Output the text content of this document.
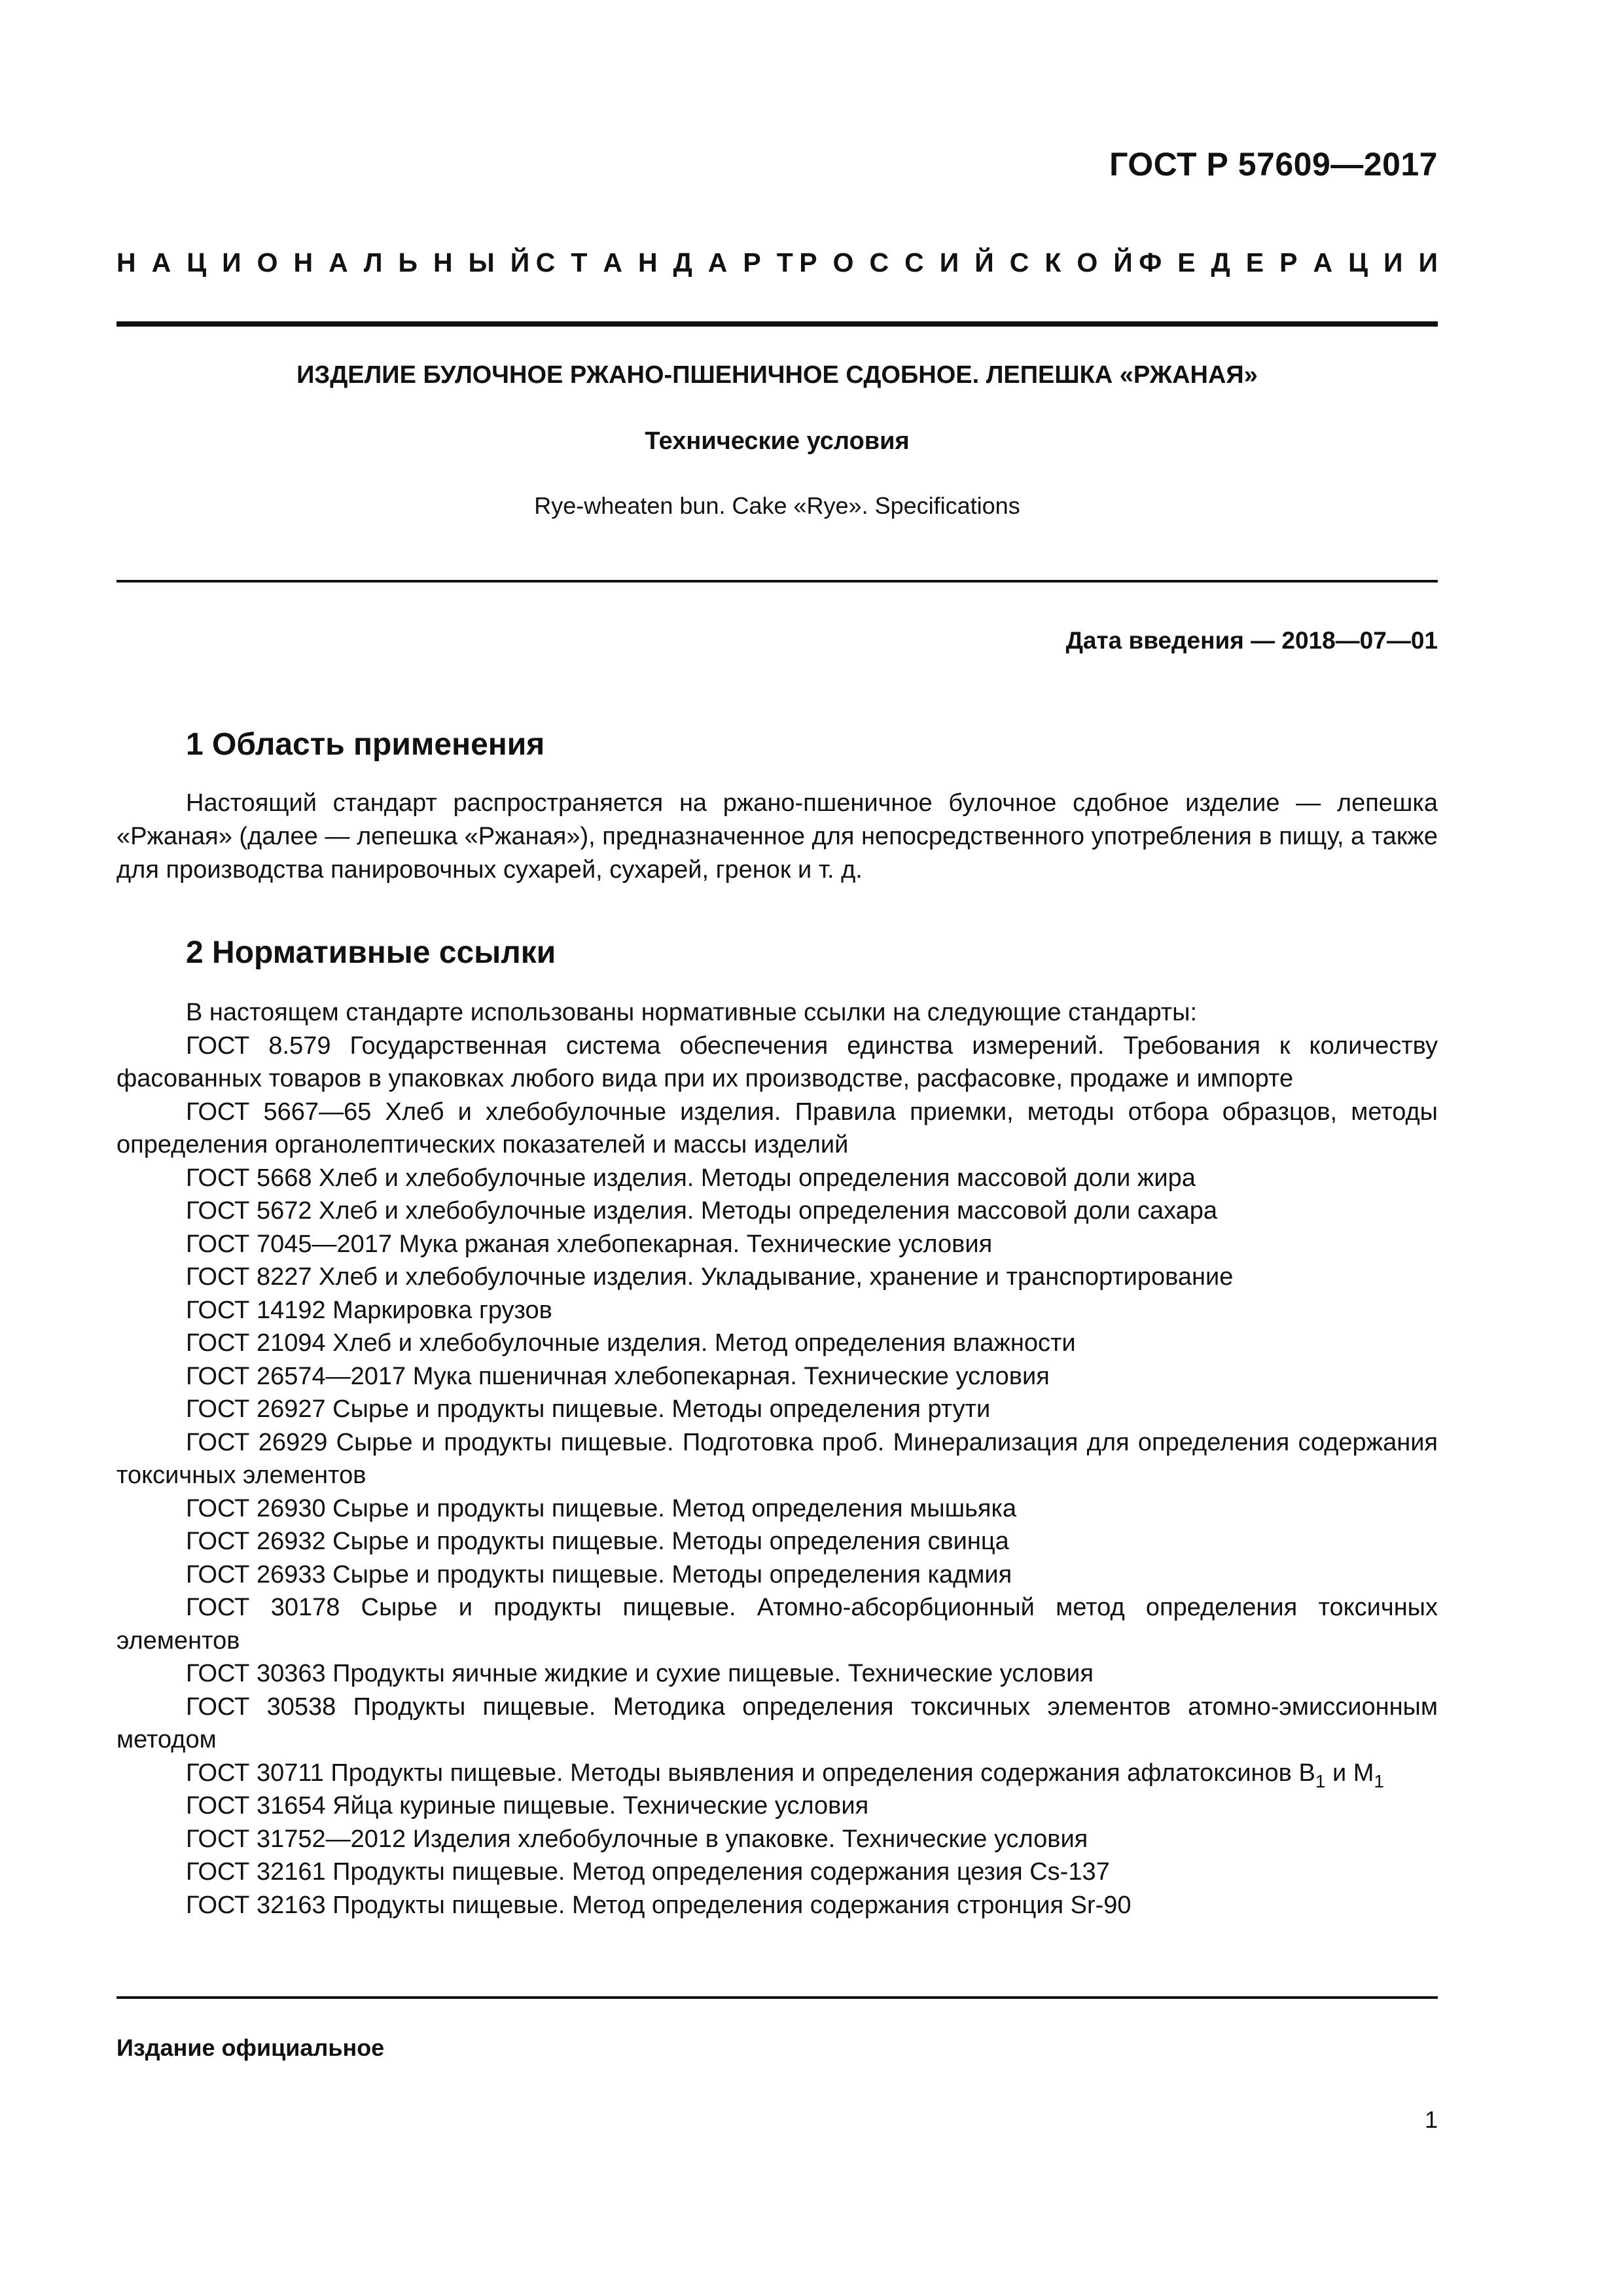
ГОСТ Р 57609—2017
Н А Ц И О Н А Л Ь Н Ы Й С Т А Н Д А Р Т Р О С С И Й С К О Й Ф Е Д Е Р А Ц И И
ИЗДЕЛИЕ БУЛОЧНОЕ РЖАНО-ПШЕНИЧНОЕ СДОБНОЕ. ЛЕПЕШКА «РЖАНАЯ»
Технические условия
Rye-wheaten bun. Cake «Rye». Specifications
Дата введения — 2018—07—01
1 Область применения
Настоящий стандарт распространяется на ржано-пшеничное булочное сдобное изделие — лепешка «Ржаная» (далее — лепешка «Ржаная»), предназначенное для непосредственного употребления в пищу, а также для производства панировочных сухарей, сухарей, гренок и т. д.
2 Нормативные ссылки
В настоящем стандарте использованы нормативные ссылки на следующие стандарты:
ГОСТ 8.579 Государственная система обеспечения единства измерений. Требования к количеству фасованных товаров в упаковках любого вида при их производстве, расфасовке, продаже и импорте
ГОСТ 5667—65 Хлеб и хлебобулочные изделия. Правила приемки, методы отбора образцов, методы определения органолептических показателей и массы изделий
ГОСТ 5668 Хлеб и хлебобулочные изделия. Методы определения массовой доли жира
ГОСТ 5672 Хлеб и хлебобулочные изделия. Методы определения массовой доли сахара
ГОСТ 7045—2017 Мука ржаная хлебопекарная. Технические условия
ГОСТ 8227 Хлеб и хлебобулочные изделия. Укладывание, хранение и транспортирование
ГОСТ 14192 Маркировка грузов
ГОСТ 21094 Хлеб и хлебобулочные изделия. Метод определения влажности
ГОСТ 26574—2017 Мука пшеничная хлебопекарная. Технические условия
ГОСТ 26927 Сырье и продукты пищевые. Методы определения ртути
ГОСТ 26929 Сырье и продукты пищевые. Подготовка проб. Минерализация для определения содержания токсичных элементов
ГОСТ 26930 Сырье и продукты пищевые. Метод определения мышьяка
ГОСТ 26932 Сырье и продукты пищевые. Методы определения свинца
ГОСТ 26933 Сырье и продукты пищевые. Методы определения кадмия
ГОСТ 30178 Сырье и продукты пищевые. Атомно-абсорбционный метод определения токсичных элементов
ГОСТ 30363 Продукты яичные жидкие и сухие пищевые. Технические условия
ГОСТ 30538 Продукты пищевые. Методика определения токсичных элементов атомно-эмиссионным методом
ГОСТ 30711 Продукты пищевые. Методы выявления и определения содержания афлатоксинов $B_1$ и $M_1$
ГОСТ 31654 Яйца куриные пищевые. Технические условия
ГОСТ 31752—2012 Изделия хлебобулочные в упаковке. Технические условия
ГОСТ 32161 Продукты пищевые. Метод определения содержания цезия Cs-137
ГОСТ 32163 Продукты пищевые. Метод определения содержания стронция Sr-90
Издание официальное
1
